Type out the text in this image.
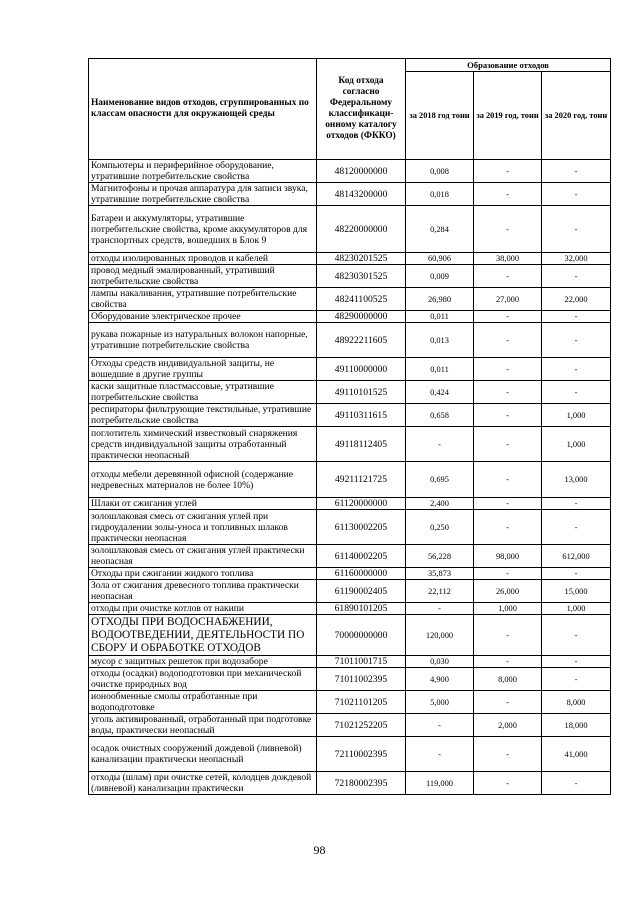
Наименование видов отходов, сгруппированных по классам опасности для окружающей среды	Код отхода согласно Федеральному классификаци-онному каталогу отходов (ФККО)	Образование отходов		
		за 2018 год тонн	за 2019 год, тонн	за 2020 год, тонн
Компьютеры и периферийное оборудование, утратившие потребительские свойства	48120000000	0,008	-	-
Магнитофоны и прочая аппаратура для записи звука, утратившие потребительские свойства	48143200000	0,018	-	-
Батареи и аккумуляторы, утратившие потребительские свойства, кроме аккумуляторов для транспортных средств, вошедших в Блок 9	48220000000	0,284	-	-
отходы изолированных проводов и кабелей	48230201525	60,906	38,000	32,000
провод медный эмалированный, утративший потребительские свойства	48230301525	0,009	-	-
лампы накаливания, утратившие потребительские свойства	48241100525	26,980	27,000	22,000
Оборудование электрическое прочее	48290000000	0,011	-	-
рукава пожарные из натуральных волокон напорные, утратившие потребительские свойства	48922211605	0,013	-	-
Отходы средств индивидуальной защиты, не вошедшие в другие группы	49110000000	0,011	-	-
каски защитные пластмассовые, утратившие потребительские свойства	49110101525	0,424	-	-
респираторы фильтрующие текстильные, утратившие потребительские свойства	49110311615	0,658	-	1,000
поглотитель химический известковый снаряжения средств индивидуальной защиты отработанный практически неопасный	49118112405	-	-	1,000
отходы мебели деревянной офисной (содержание недревесных материалов не более 10%)	49211121725	0,695	-	13,000
Шлаки от сжигания углей	61120000000	2,400	-	-
золошлаковая смесь от сжигания углей при гидроудалении золы-уноса и топливных шлаков практически неопасная	61130002205	0,250	-	-
золошлаковая смесь от сжигания углей практически неопасная	61140002205	56,228	98,000	612,000
Отходы при сжигании жидкого топлива	61160000000	35,873	-	-
Зола от сжигания древесного топлива практически неопасная	61190002405	22,112	26,000	15,000
отходы при очистке котлов от накипи	61890101205	-	1,000	1,000
ОТХОДЫ ПРИ ВОДОСНАБЖЕНИИ, ВОДООТВЕДЕНИИ, ДЕЯТЕЛЬНОСТИ ПО СБОРУ И ОБРАБОТКЕ ОТХОДОВ	70000000000	120,000	-	-
мусор с защитных решеток при водозаборе	71011001715	0,030	-	-
отходы (осадки) водоподготовки при механической очистке природных вод	71011002395	4,900	8,000	-
ионообменные смолы отработанные при водоподготовке	71021101205	5,000	-	8,000
уголь активированный, отработанный при подготовке воды, практически неопасный	71021252205	-	2,000	18,000
осадок очистных сооружений дождевой (ливневой) канализации практически неопасный	72110002395	-	-	41,000
отходы (шлам) при очистке сетей, колодцев дождевой (ливневой) канализации практически	72180002395	119,000	-	-
98
